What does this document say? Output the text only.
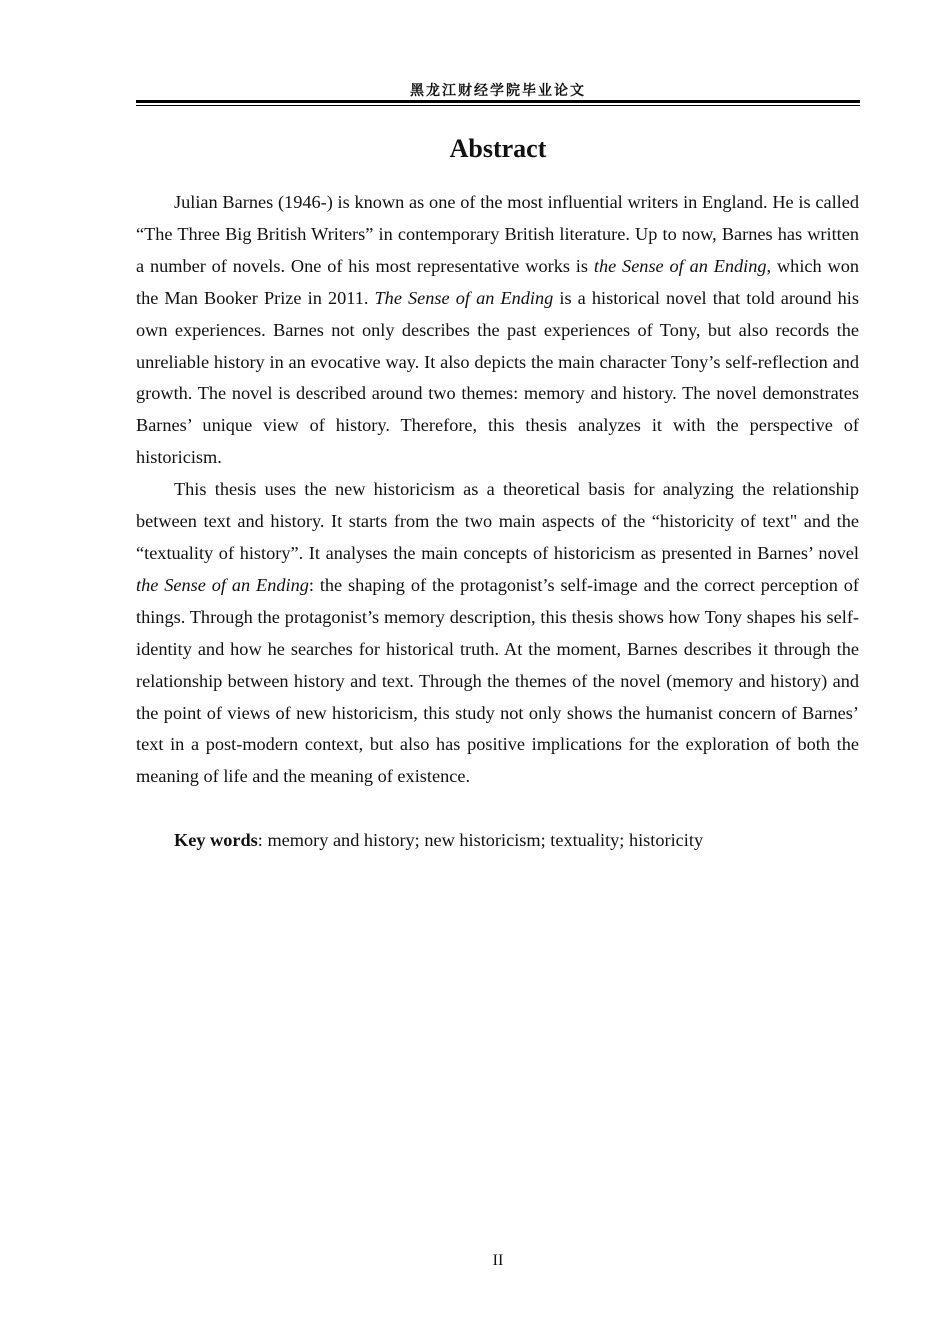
黑龙江财经学院毕业论文
Abstract

Julian Barnes (1946-) is known as one of the most influential writers in England. He is called “The Three Big British Writers” in contemporary British literature. Up to now, Barnes has written a number of novels. One of his most representative works is the Sense of an Ending, which won the Man Booker Prize in 2011. The Sense of an Ending is a historical novel that told around his own experiences. Barnes not only describes the past experiences of Tony, but also records the unreliable history in an evocative way. It also depicts the main character Tony’s self-reflection and growth. The novel is described around two themes: memory and history. The novel demonstrates Barnes’ unique view of history. Therefore, this thesis analyzes it with the perspective of historicism.

This thesis uses the new historicism as a theoretical basis for analyzing the relationship between text and history. It starts from the two main aspects of the “historicity of text" and the “textuality of history”. It analyses the main concepts of historicism as presented in Barnes’ novel the Sense of an Ending: the shaping of the protagonist’s self-image and the correct perception of things. Through the protagonist’s memory description, this thesis shows how Tony shapes his self-identity and how he searches for historical truth. At the moment, Barnes describes it through the relationship between history and text. Through the themes of the novel (memory and history) and the point of views of new historicism, this study not only shows the humanist concern of Barnes’ text in a post-modern context, but also has positive implications for the exploration of both the meaning of life and the meaning of existence.

Key words: memory and history; new historicism; textuality; historicity
II
